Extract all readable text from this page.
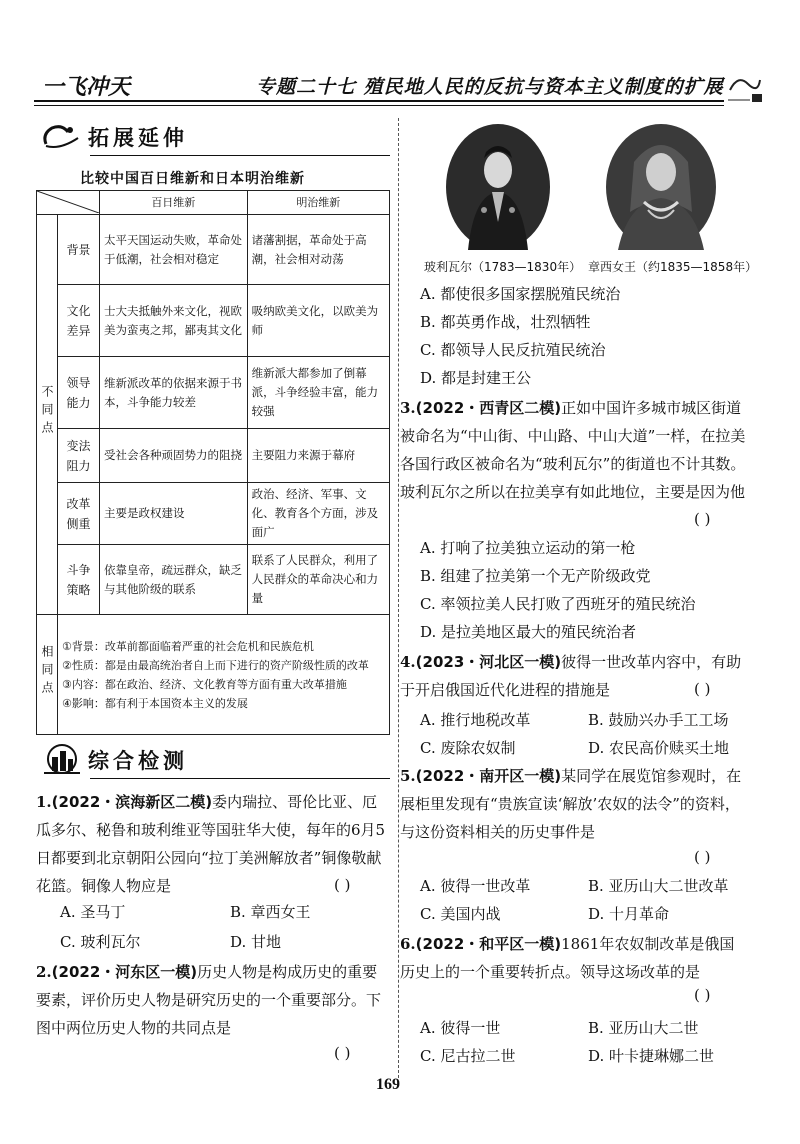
一飞冲天	专题二十七 殖民地人民的反抗与资本主义制度的扩展
拓展延伸
比较中国百日维新和日本明治维新
	百日维新	明治维新
不同点	背景	太平天国运动失败，革命处于低潮，社会相对稳定	诸藩割据，革命处于高潮，社会相对动荡
	文化差异	士大夫抵触外来文化，视欧美为蛮夷之邦，鄙夷其文化	吸纳欧美文化，以欧美为师
	领导能力	维新派改革的依据来源于书本，斗争能力较差	维新派大都参加了倒幕派，斗争经验丰富，能力较强
	变法阻力	受社会各种顽固势力的阻挠	主要阻力来源于幕府
	改革侧重	主要是政权建设	政治、经济、军事、文化、教育各个方面，涉及面广
	斗争策略	依靠皇帝，疏远群众，缺乏与其他阶级的联系	联系了人民群众，利用了人民群众的革命决心和力量
相同点	①背景：改革前都面临着严重的社会危机和民族危机
②性质：都是由最高统治者自上而下进行的资产阶级性质的改革
③内容：都在政治、经济、文化教育等方面有重大改革措施
④影响：都有利于本国资本主义的发展		
综合检测
1.(2022・滨海新区二模)委内瑞拉、哥伦比亚、厄瓜多尔、秘鲁和玻利维亚等国驻华大使，每年的6月5日都要到北京朝阳公园向“拉丁美洲解放者”铜像敬献花篮。铜像人物应是	( )
A. 圣马丁	B. 章西女王
C. 玻利瓦尔	D. 甘地
2.(2022・河东区一模)历史人物是构成历史的重要要素，评价历史人物是研究历史的一个重要部分。下图中两位历史人物的共同点是
( )
玻利瓦尔（1783—1830年） 章西女王（约1835—1858年）
A. 都使很多国家摆脱殖民统治
B. 都英勇作战，壮烈牺牲
C. 都领导人民反抗殖民统治
D. 都是封建王公
3.(2022・西青区二模)正如中国许多城市城区街道被命名为“中山街、中山路、中山大道”一样，在拉美各国行政区被命名为“玻利瓦尔”的街道也不计其数。玻利瓦尔之所以在拉美享有如此地位，主要是因为他
( )
A. 打响了拉美独立运动的第一枪
B. 组建了拉美第一个无产阶级政党
C. 率领拉美人民打败了西班牙的殖民统治
D. 是拉美地区最大的殖民统治者
4.(2023・河北区一模)彼得一世改革内容中，有助于开启俄国近代化进程的措施是	( )
A. 推行地税改革	B. 鼓励兴办手工工场
C. 废除农奴制	D. 农民高价赎买土地
5.(2022・南开区一模)某同学在展览馆参观时，在展柜里发现有“贵族宣读‘解放’农奴的法令”的资料，与这份资料相关的历史事件是
( )
A. 彼得一世改革	B. 亚历山大二世改革
C. 美国内战	D. 十月革命
6.(2022・和平区一模)1861年农奴制改革是俄国历史上的一个重要转折点。领导这场改革的是
( )
A. 彼得一世	B. 亚历山大二世
C. 尼古拉二世	D. 叶卡捷琳娜二世
169
